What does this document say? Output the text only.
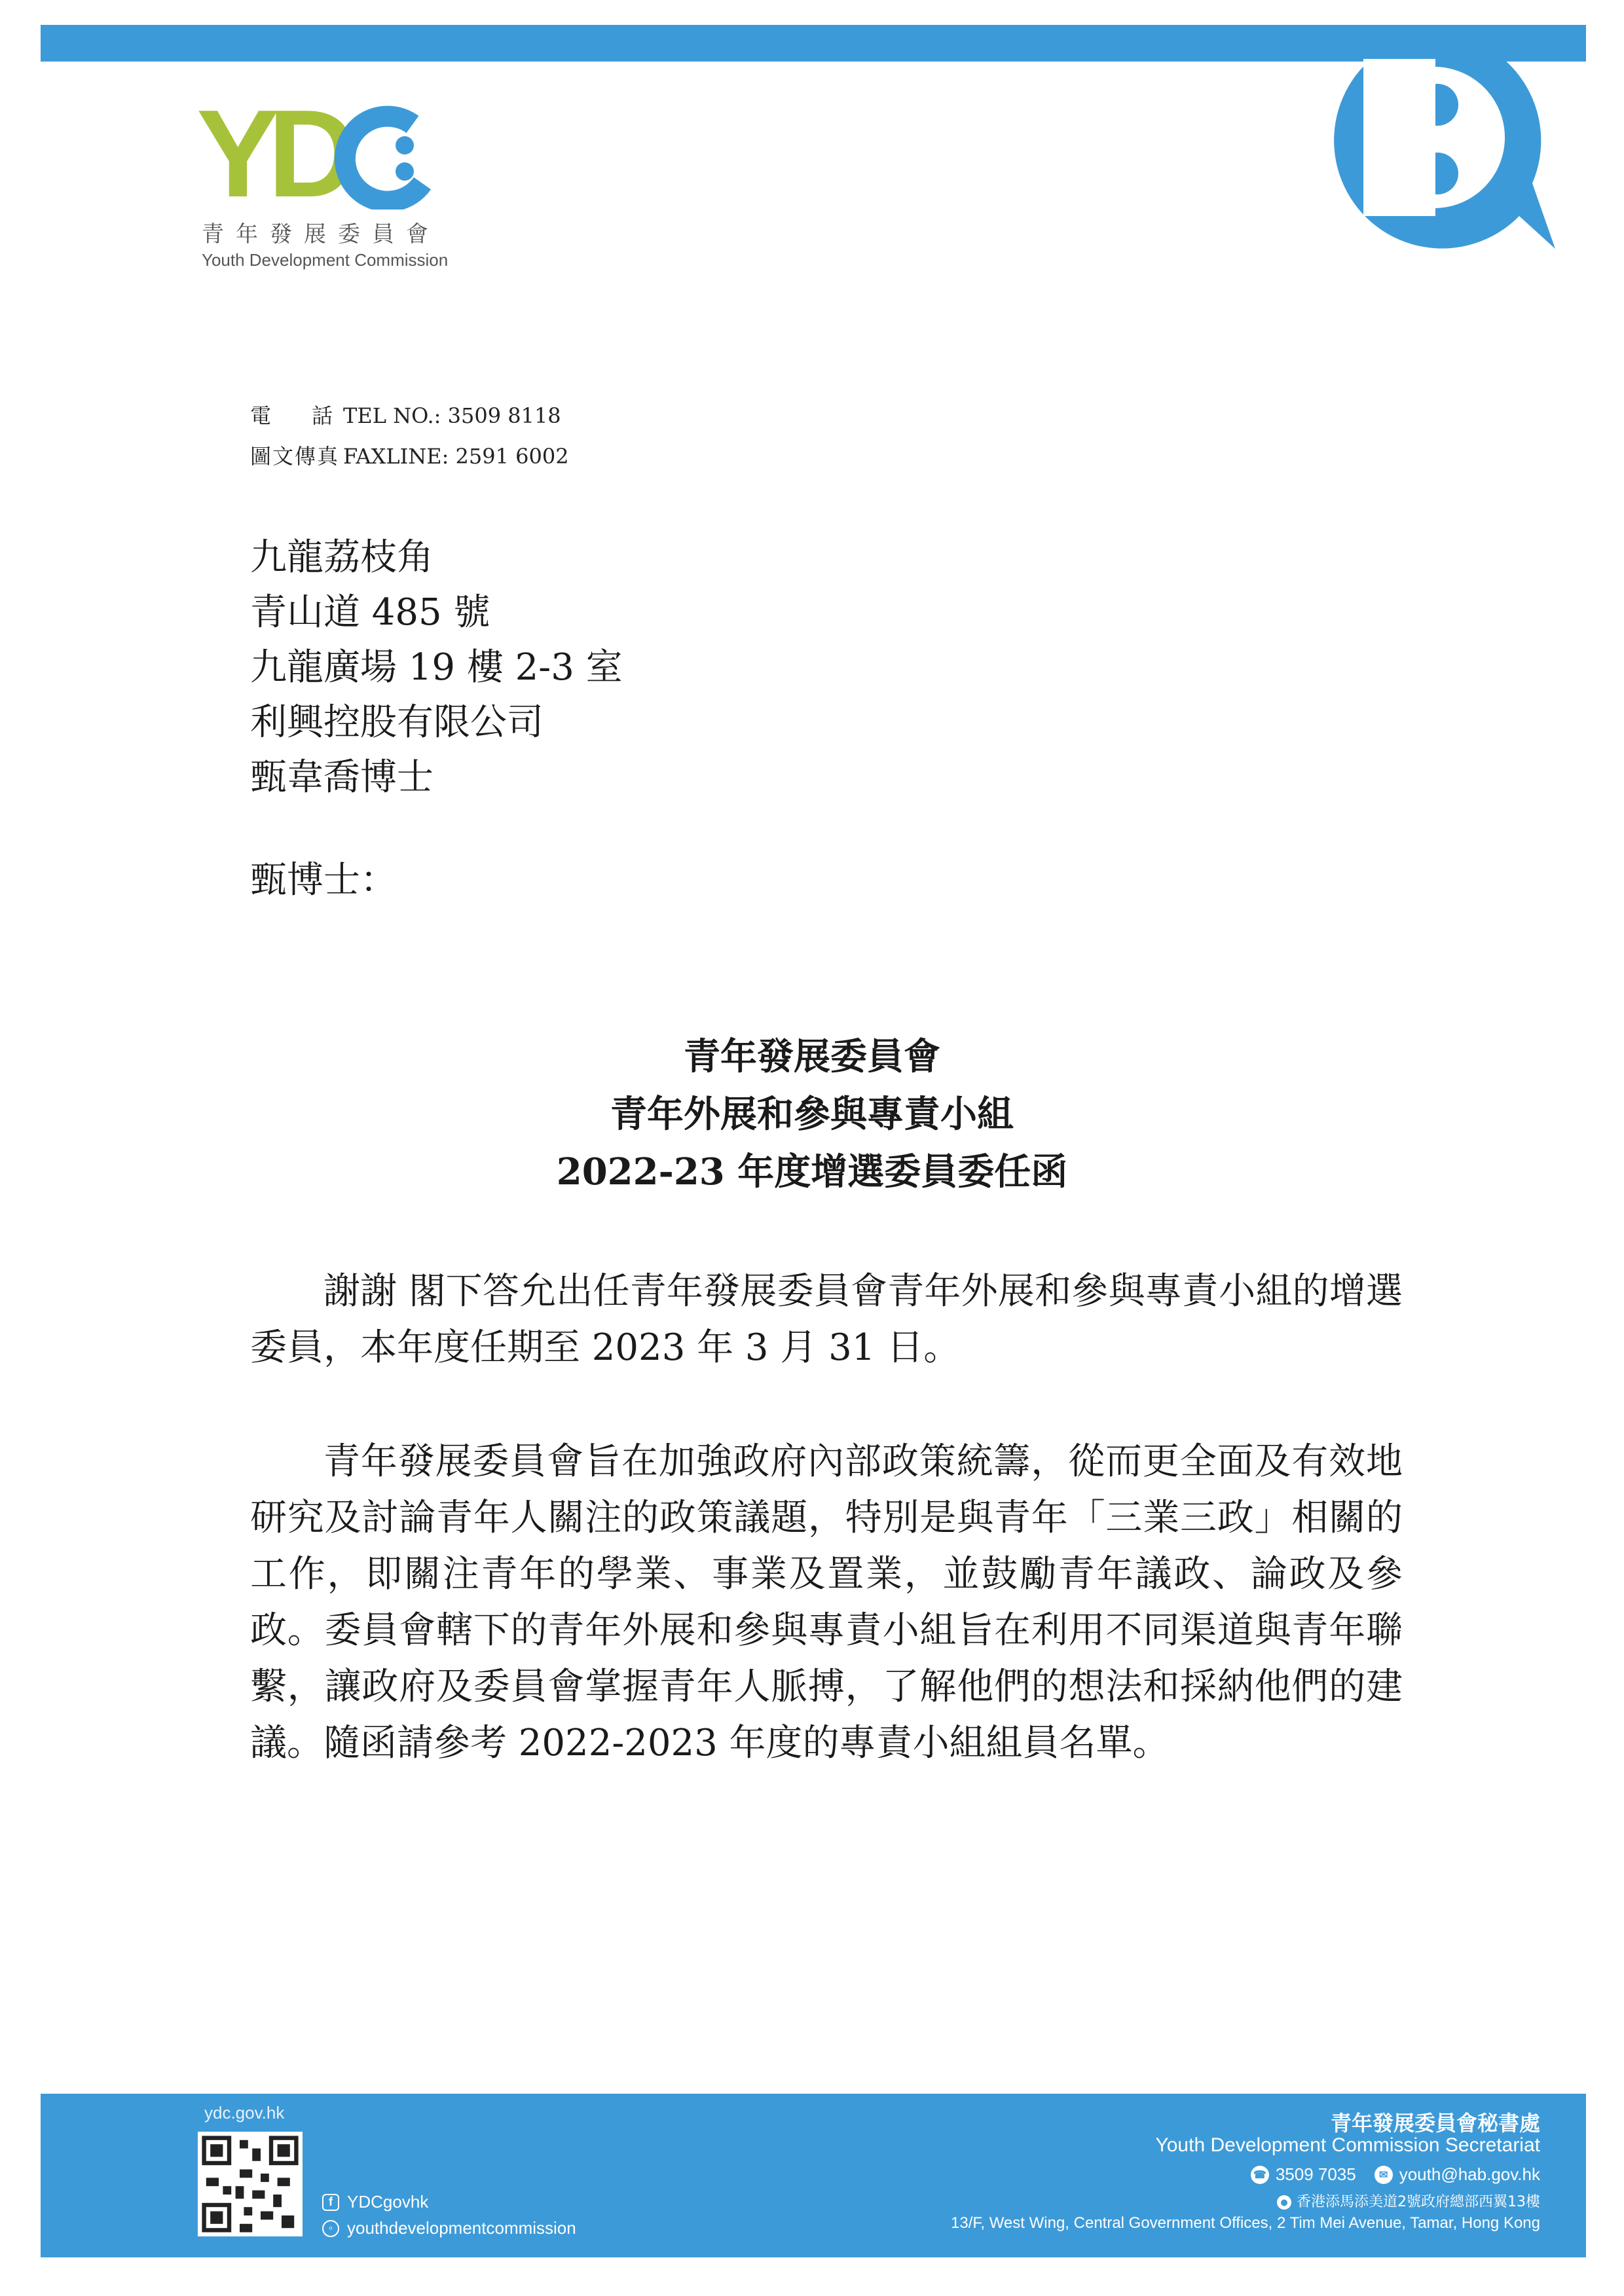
YD
青年發展委員會
Youth Development Commission
電話TEL NO.: 3509 8118
圖文傳真 FAXLINE: 2591 6002
九龍荔枝角
青山道 485 號
九龍廣場 19 樓 2-3 室
利興控股有限公司
甄韋喬博士
甄博士：
青年發展委員會
青年外展和參與專責小組
2022-23 年度增選委員委任函

謝謝 閣下答允出任青年發展委員會青年外展和參與專責小組的增選委員，本年度任期至 2023 年 3 月 31 日。

青年發展委員會旨在加強政府內部政策統籌，從而更全面及有效地研究及討論青年人關注的政策議題，特別是與青年「三業三政」相關的工作，即關注青年的學業、事業及置業，並鼓勵青年議政、論政及參政。委員會轄下的青年外展和參與專責小組旨在利用不同渠道與青年聯繫，讓政府及委員會掌握青年人脈搏，了解他們的想法和採納他們的建議。隨函請參考 2022-2023 年度的專責小組組員名單。

ydc.gov.hk
f YDCgovhk
◦ youthdevelopmentcommission
青年發展委員會秘書處
Youth Development Commission Secretariat
☎ 3509 7035	✉ youth@hab.gov.hk
● 香港添馬添美道2號政府總部西翼13樓
13/F, West Wing, Central Government Offices, 2 Tim Mei Avenue, Tamar, Hong Kong
